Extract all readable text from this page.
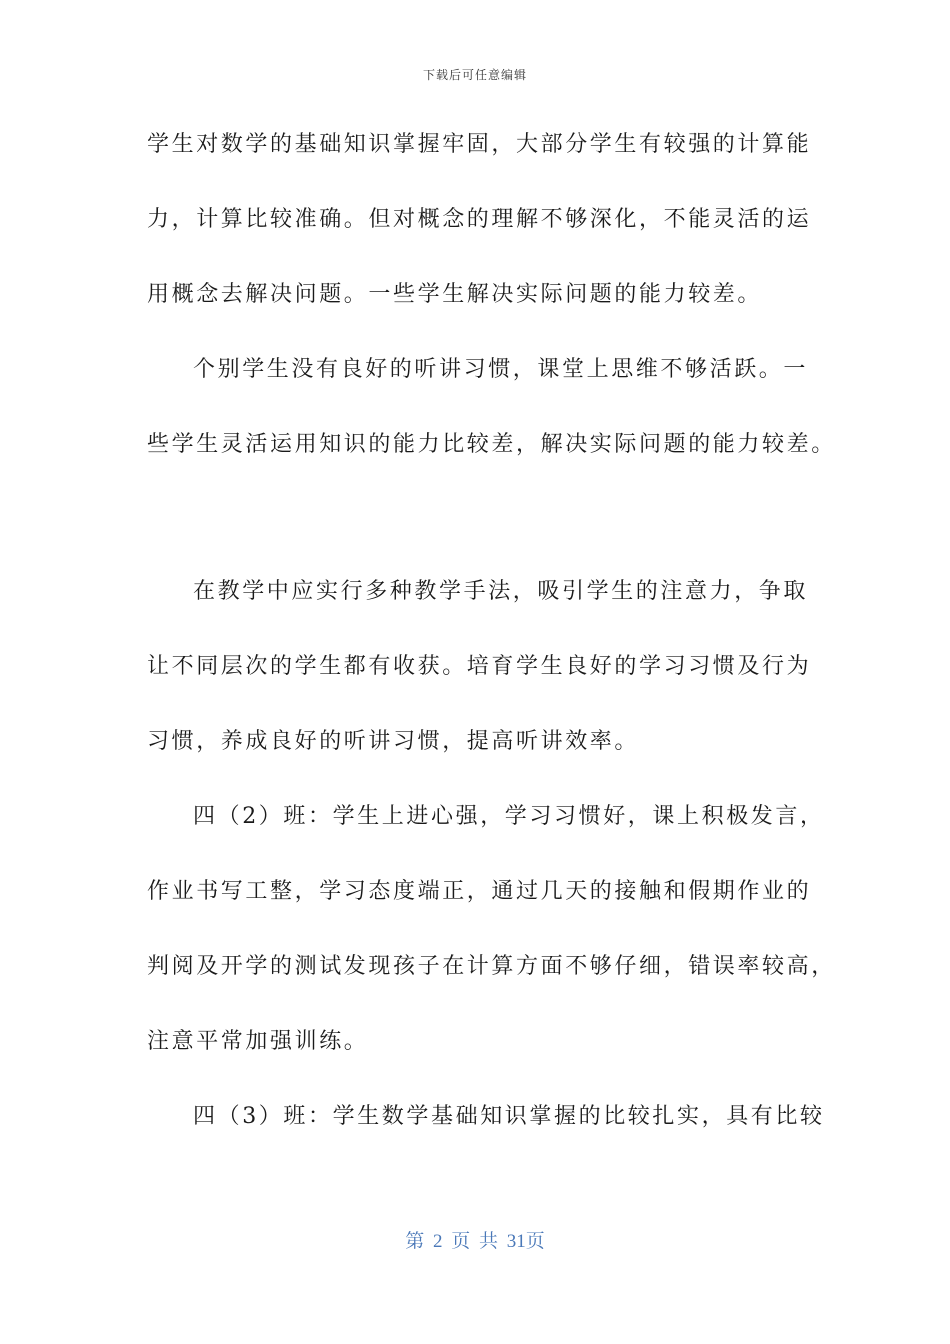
下载后可任意编辑
学生对数学的基础知识掌握牢固，大部分学生有较强的计算能
力，计算比较准确。但对概念的理解不够深化，不能灵活的运
用概念去解决问题。一些学生解决实际问题的能力较差。
个别学生没有良好的听讲习惯，课堂上思维不够活跃。一
些学生灵活运用知识的能力比较差，解决实际问题的能力较差。
在教学中应实行多种教学手法，吸引学生的注意力，争取
让不同层次的学生都有收获。培育学生良好的学习习惯及行为
习惯，养成良好的听讲习惯，提高听讲效率。
四（2）班：学生上进心强，学习习惯好，课上积极发言，
作业书写工整，学习态度端正，通过几天的接触和假期作业的
判阅及开学的测试发现孩子在计算方面不够仔细，错误率较高，
注意平常加强训练。
四（3）班：学生数学基础知识掌握的比较扎实，具有比较
第 2 页 共 31页
